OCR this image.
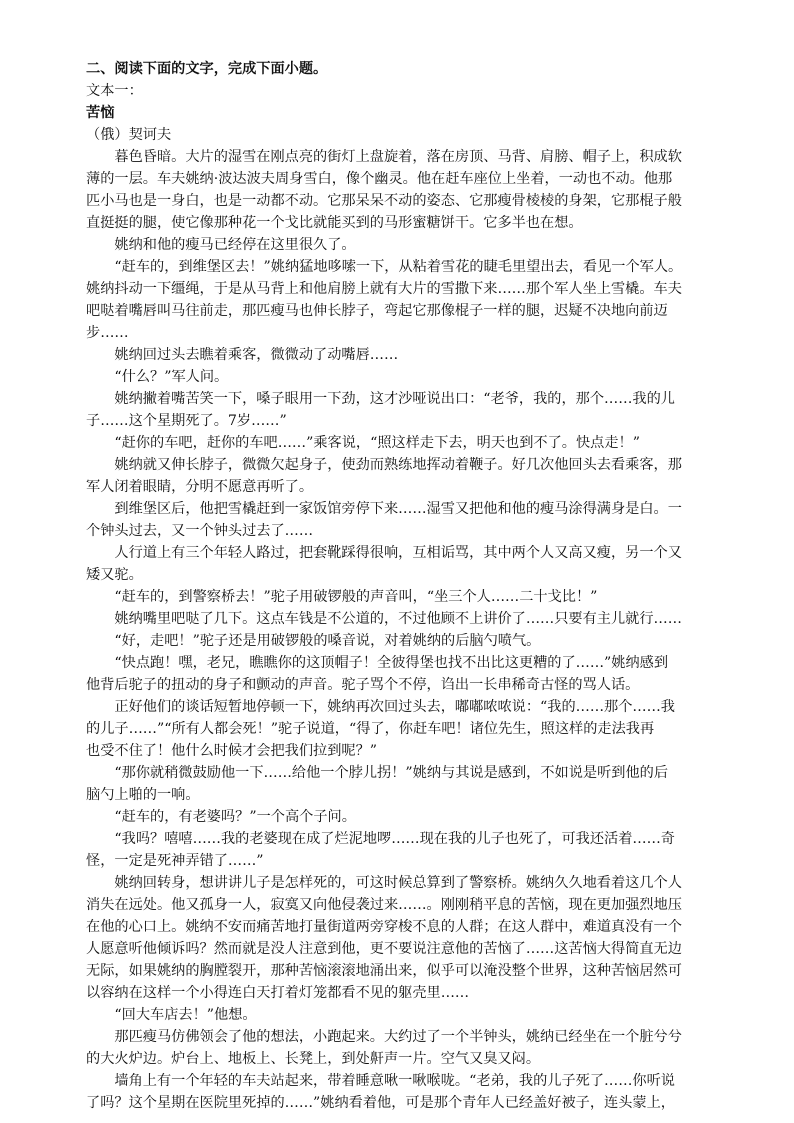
二、阅读下面的文字，完成下面小题。
文本一：
苦恼
（俄）契诃夫
　　暮色昏暗。大片的湿雪在刚点亮的街灯上盘旋着，落在房顶、马背、肩膀、帽子上，积成软
薄的一层。车夫姚纳·波达波夫周身雪白，像个幽灵。他在赶车座位上坐着，一动也不动。他那
匹小马也是一身白，也是一动都不动。它那呆呆不动的姿态、它那瘦骨棱棱的身架，它那棍子般
直挺挺的腿，使它像那种花一个戈比就能买到的马形蜜糖饼干。它多半也在想。
　　姚纳和他的瘦马已经停在这里很久了。
　　“赶车的，到维堡区去！”姚纳猛地哆嗦一下，从粘着雪花的睫毛里望出去，看见一个军人。
姚纳抖动一下缰绳，于是从马背上和他肩膀上就有大片的雪撒下来……那个军人坐上雪橇。车夫
吧哒着嘴唇叫马往前走，那匹瘦马也伸长脖子，弯起它那像棍子一样的腿，迟疑不决地向前迈
步……
　　姚纳回过头去瞧着乘客，微微动了动嘴唇……
　　“什么？”军人问。
　　姚纳撇着嘴苦笑一下，嗓子眼用一下劲，这才沙哑说出口：“老爷，我的，那个……我的儿
子……这个星期死了。7岁……”
　　“赶你的车吧，赶你的车吧……”乘客说，“照这样走下去，明天也到不了。快点走！”
　　姚纳就又伸长脖子，微微欠起身子，使劲而熟练地挥动着鞭子。好几次他回头去看乘客，那
军人闭着眼睛，分明不愿意再听了。
　　到维堡区后，他把雪橇赶到一家饭馆旁停下来……湿雪又把他和他的瘦马涂得满身是白。一
个钟头过去，又一个钟头过去了……
　　人行道上有三个年轻人路过，把套靴踩得很响，互相诟骂，其中两个人又高又瘦，另一个又
矮又驼。
　　“赶车的，到警察桥去！”驼子用破锣般的声音叫，“坐三个人……二十戈比！”
　　姚纳嘴里吧哒了几下。这点车钱是不公道的，不过他顾不上讲价了……只要有主儿就行……
　　“好，走吧！”驼子还是用破锣般的嗓音说，对着姚纳的后脑勺喷气。
　　“快点跑！嘿，老兄，瞧瞧你的这顶帽子！全彼得堡也找不出比这更糟的了……”姚纳感到
他背后驼子的扭动的身子和颤动的声音。驼子骂个不停，诌出一长串稀奇古怪的骂人话。
　　正好他们的谈话短暂地停顿一下，姚纳再次回过头去，嘟嘟哝哝说：“我的……那个……我
的儿子……”“所有人都会死！”驼子说道，“得了，你赶车吧！诸位先生，照这样的走法我再
也受不住了！他什么时候才会把我们拉到呢？”
　　“那你就稍微鼓励他一下……给他一个脖儿拐！”姚纳与其说是感到，不如说是听到他的后
脑勺上啪的一响。
　　“赶车的，有老婆吗？”一个高个子问。
　　“我吗？嘻嘻……我的老婆现在成了烂泥地啰……现在我的儿子也死了，可我还活着……奇
怪，一定是死神弄错了……”
　　姚纳回转身，想讲讲儿子是怎样死的，可这时候总算到了警察桥。姚纳久久地看着这几个人
消失在远处。他又孤身一人，寂寞又向他侵袭过来……。刚刚稍平息的苦恼，现在更加强烈地压
在他的心口上。姚纳不安而痛苦地打量街道两旁穿梭不息的人群；在这人群中，难道真没有一个
人愿意听他倾诉吗？然而就是没人注意到他，更不要说注意他的苦恼了……这苦恼大得简直无边
无际，如果姚纳的胸膛裂开，那种苦恼滚滚地涌出来，似乎可以淹没整个世界，这种苦恼居然可
以容纳在这样一个小得连白天打着灯笼都看不见的躯壳里……
　　“回大车店去！”他想。
　　那匹瘦马仿佛领会了他的想法，小跑起来。大约过了一个半钟头，姚纳已经坐在一个脏兮兮
的大火炉边。炉台上、地板上、长凳上，到处鼾声一片。空气又臭又闷。
　　墙角上有一个年轻的车夫站起来，带着睡意啾一啾喉咙。“老弟，我的儿子死了……你听说
了吗？这个星期在医院里死掉的……”姚纳看着他，可是那个青年人已经盖好被子，连头蒙上，
